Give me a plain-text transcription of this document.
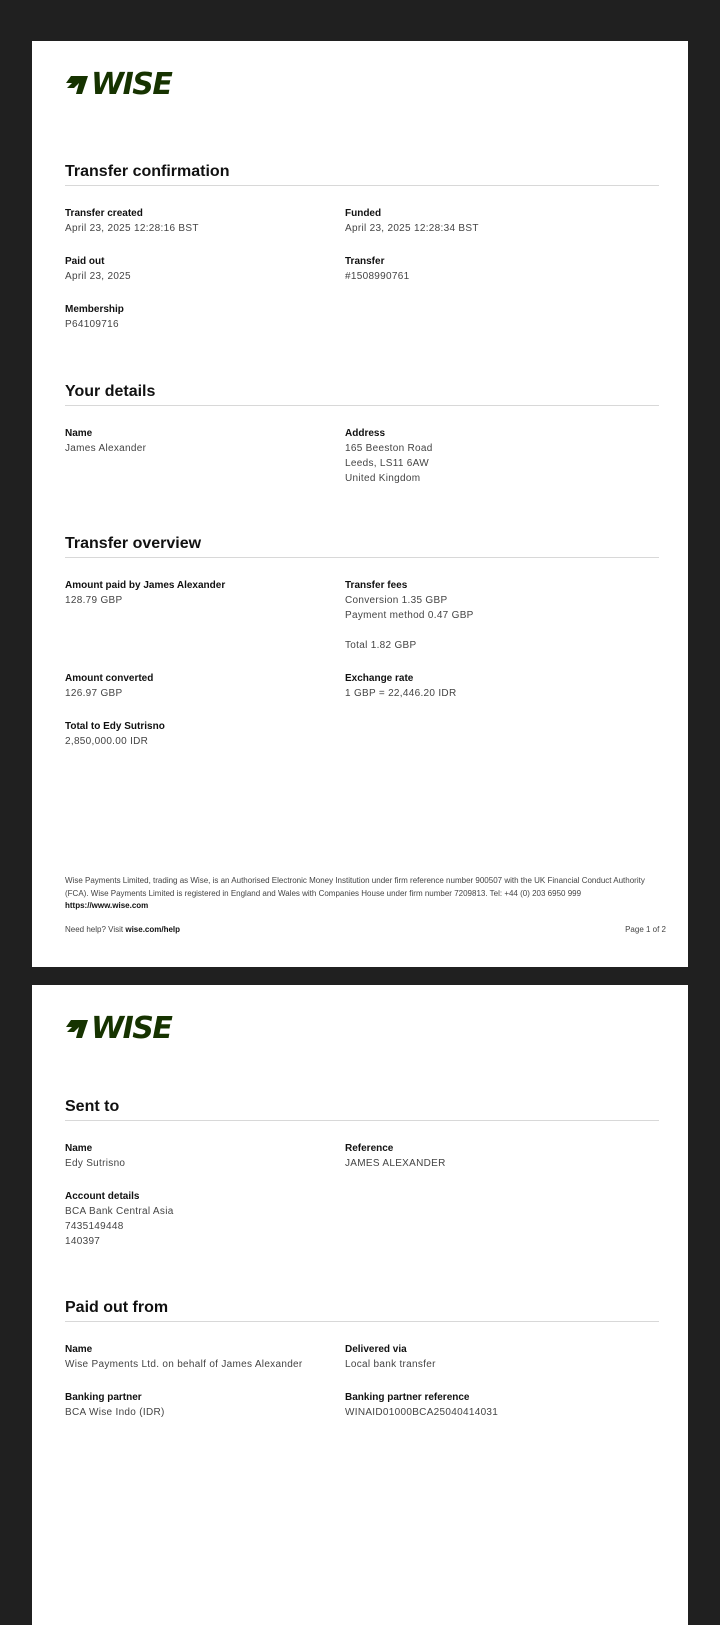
WISE
Transfer confirmation
Transfer created
April 23, 2025 12:28:16 BST
Funded
April 23, 2025 12:28:34 BST
Paid out
April 23, 2025
Transfer
#1508990761
Membership
P64109716
Your details
Name
James Alexander
Address
165 Beeston Road
Leeds, LS11 6AW
United Kingdom
Transfer overview
Amount paid by James Alexander
128.79 GBP
Transfer fees
Conversion 1.35 GBP
Payment method 0.47 GBP
Total 1.82 GBP
Amount converted
126.97 GBP
Exchange rate
1 GBP = 22,446.20 IDR
Total to Edy Sutrisno
2,850,000.00 IDR
Wise Payments Limited, trading as Wise, is an Authorised Electronic Money Institution under firm reference number 900507 with the UK Financial Conduct Authority (FCA). Wise Payments Limited is registered in England and Wales with Companies House under firm number 7209813. Tel: +44 (0) 203 6950 999 https://www.wise.com
Need help? Visit wise.com/help	Page 1 of 2
WISE
Sent to
Name
Edy Sutrisno
Reference
JAMES ALEXANDER
Account details
BCA Bank Central Asia
7435149448
140397
Paid out from
Name
Wise Payments Ltd. on behalf of James Alexander
Delivered via
Local bank transfer
Banking partner
BCA Wise Indo (IDR)
Banking partner reference
WINAID01000BCA25040414031
